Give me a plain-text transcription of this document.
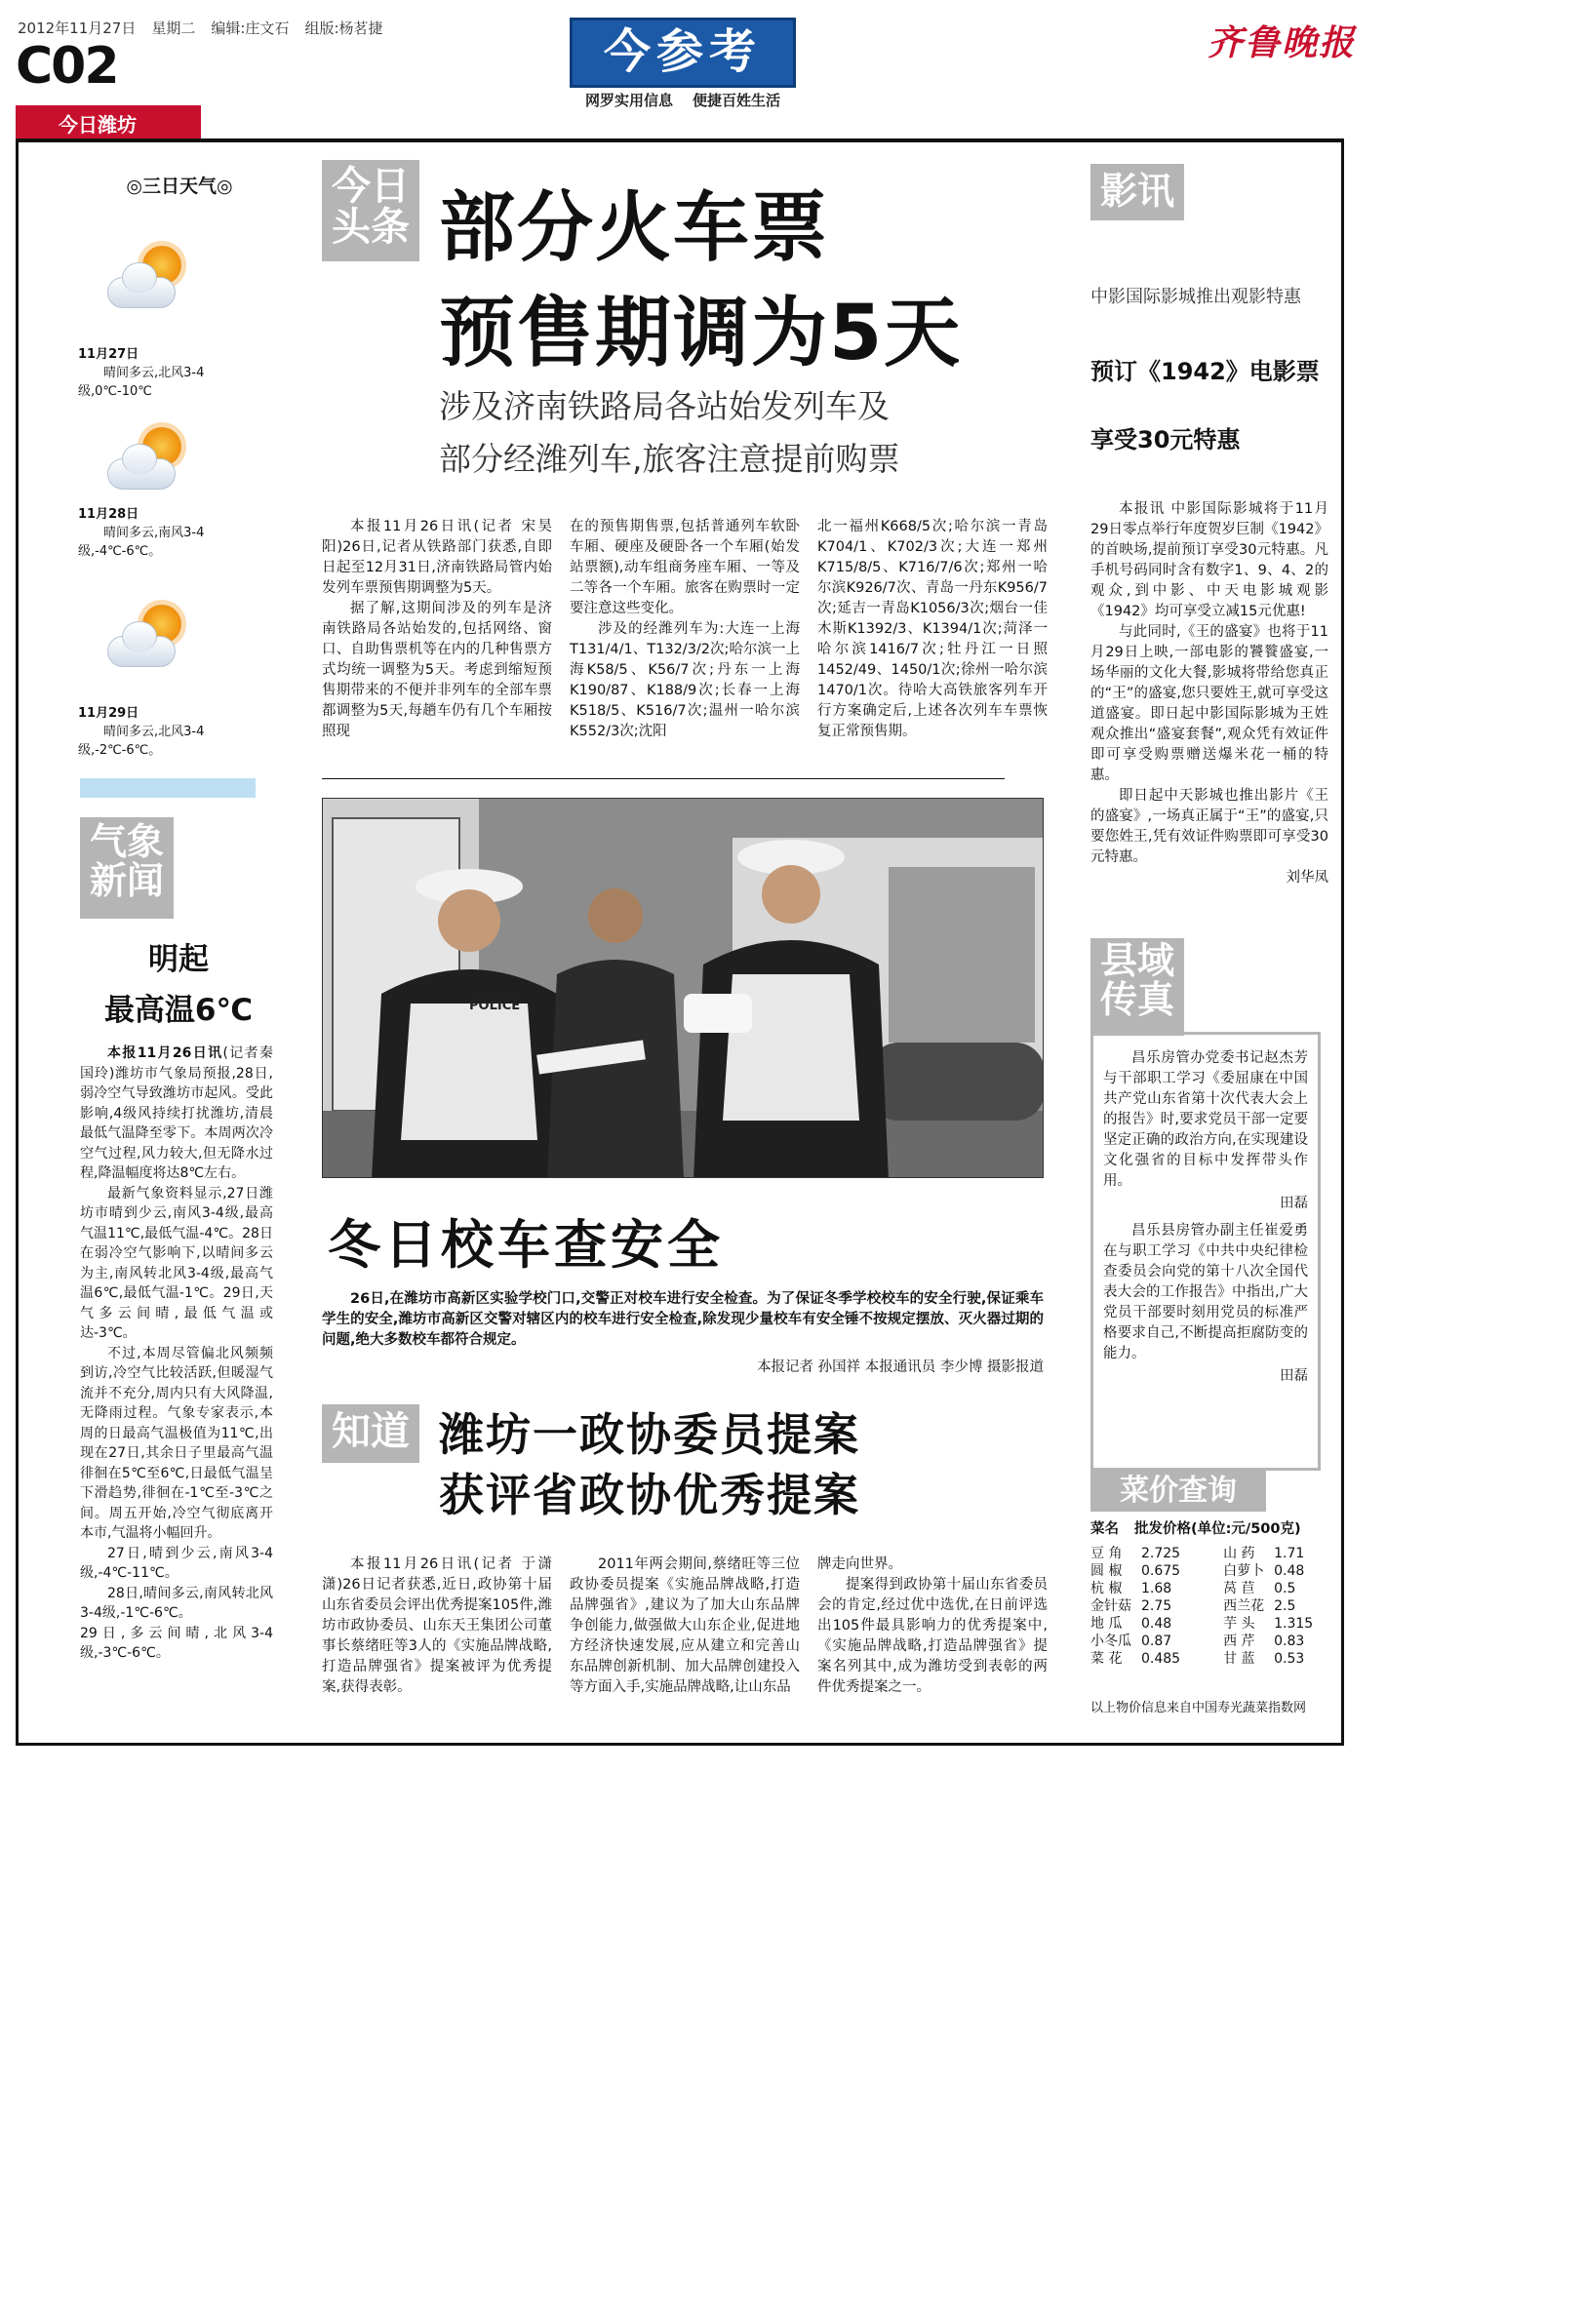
2012年11月27日 星期二 编辑:庄文石 组版:杨茗捷
C02
今日潍坊
今参考
网罗实用信息 便捷百姓生活
齐鲁晚报
◎三日天气◎
11月27日
晴间多云,北风3-4级,0℃-10℃
11月28日
晴间多云,南风3-4级,-4℃-6℃。
11月29日
晴间多云,北风3-4级,-2℃-6℃。
气象
新闻
明起
最高温6℃

本报11月26日讯(记者秦国玲)潍坊市气象局预报,28日,弱冷空气导致潍坊市起风。受此影响,4级风持续打扰潍坊,清晨最低气温降至零下。本周两次冷空气过程,风力较大,但无降水过程,降温幅度将达8℃左右。

最新气象资料显示,27日潍坊市晴到少云,南风3-4级,最高气温11℃,最低气温-4℃。28日在弱冷空气影响下,以晴间多云为主,南风转北风3-4级,最高气温6℃,最低气温-1℃。29日,天气多云间晴,最低气温或达-3℃。

不过,本周尽管偏北风频频到访,冷空气比较活跃,但暖湿气流并不充分,周内只有大风降温,无降雨过程。气象专家表示,本周的日最高气温极值为11℃,出现在27日,其余日子里最高气温徘徊在5℃至6℃,日最低气温呈下滑趋势,徘徊在-1℃至-3℃之间。周五开始,冷空气彻底离开本市,气温将小幅回升。

27日,晴到少云,南风3-4级,-4℃-11℃。

28日,晴间多云,南风转北风3-4级,-1℃-6℃。

29日,多云间晴,北风3-4级,-3℃-6℃。

今日
头条 部分火车票
预售期调为5天
涉及济南铁路局各站始发列车及
部分经潍列车,旅客注意提前购票

本报11月26日讯(记者 宋昊阳)26日,记者从铁路部门获悉,自即日起至12月31日,济南铁路局管内始发列车票预售期调整为5天。

据了解,这期间涉及的列车是济南铁路局各站始发的,包括网络、窗口、自助售票机等在内的几种售票方式均统一调整为5天。考虑到缩短预售期带来的不便并非列车的全部车票都调整为5天,每趟车仍有几个车厢按照现

在的预售期售票,包括普通列车软卧车厢、硬座及硬卧各一个车厢(始发站票额),动车组商务座车厢、一等及二等各一个车厢。旅客在购票时一定要注意这些变化。

涉及的经潍列车为:大连一上海T131/4/1、T132/3/2次;哈尔滨一上海K58/5、K56/7次;丹东一上海K190/87、K188/9次;长春一上海K518/5、K516/7次;温州一哈尔滨K552/3次;沈阳

北一福州K668/5次;哈尔滨一青岛K704/1、K702/3次;大连一郑州K715/8/5、K716/7/6次;郑州一哈尔滨K926/7次、青岛一丹东K956/7次;延吉一青岛K1056/3次;烟台一佳木斯K1392/3、K1394/1次;菏泽一哈尔滨1416/7次;牡丹江一日照1452/49、1450/1次;徐州一哈尔滨1470/1次。待哈大高铁旅客列车开行方案确定后,上述各次列车车票恢复正常预售期。

POLICE
冬日校车查安全
26日,在潍坊市高新区实验学校门口,交警正对校车进行安全检查。为了保证冬季学校校车的安全行驶,保证乘车学生的安全,潍坊市高新区交警对辖区内的校车进行安全检查,除发现少量校车有安全锤不按规定摆放、灭火器过期的问题,绝大多数校车都符合规定。
本报记者 孙国祥 本报通讯员 李少博 摄影报道
知道 潍坊一政协委员提案
获评省政协优秀提案

本报11月26日讯(记者 于潇潇)26日记者获悉,近日,政协第十届山东省委员会评出优秀提案105件,潍坊市政协委员、山东天王集团公司董事长蔡绪旺等3人的《实施品牌战略,打造品牌强省》提案被评为优秀提案,获得表彰。

2011年两会期间,蔡绪旺等三位政协委员提案《实施品牌战略,打造品牌强省》,建议为了加大山东品牌争创能力,做强做大山东企业,促进地方经济快速发展,应从建立和完善山东品牌创新机制、加大品牌创建投入等方面入手,实施品牌战略,让山东品

牌走向世界。

提案得到政协第十届山东省委员会的肯定,经过优中选优,在日前评选出105件最具影响力的优秀提案中,《实施品牌战略,打造品牌强省》提案名列其中,成为潍坊受到表彰的两件优秀提案之一。

影讯
中影国际影城推出观影特惠
预订《1942》电影票
享受30元特惠

本报讯 中影国际影城将于11月29日零点举行年度贺岁巨制《1942》的首映场,提前预订享受30元特惠。凡手机号码同时含有数字1、9、4、2的观众,到中影、中天电影城观影《1942》均可享受立减15元优惠!

与此同时,《王的盛宴》也将于11月29日上映,一部电影的饕餮盛宴,一场华丽的文化大餐,影城将带给您真正的“王”的盛宴,您只要姓王,就可享受这道盛宴。即日起中影国际影城为王姓观众推出“盛宴套餐”,观众凭有效证件即可享受购票赠送爆米花一桶的特惠。

即日起中天影城也推出影片《王的盛宴》,一场真正属于“王”的盛宴,只要您姓王,凭有效证件购票即可享受30元特惠。

刘华凤

县域
传真

昌乐房管办党委书记赵杰芳与干部职工学习《委屈康在中国共产党山东省第十次代表大会上的报告》时,要求党员干部一定要坚定正确的政治方向,在实现建设文化强省的目标中发挥带头作用。

田磊

昌乐县房管办副主任崔爱勇在与职工学习《中共中央纪律检查委员会向党的第十八次全国代表大会的工作报告》中指出,广大党员干部要时刻用党员的标准严格要求自己,不断提高拒腐防变的能力。

田磊

菜价查询
菜名 批发价格(单位:元/500克)
豆 角	2.725	山 药	1.71
圆 椒	0.675	白萝卜	0.48
杭 椒	1.68	莴 苣	0.5
金针菇	2.75	西兰花	2.5
地 瓜	0.48	芋 头	1.315
小冬瓜	0.87	西 芹	0.83
菜 花	0.485	甘 蓝	0.53
以上物价信息来自中国寿光蔬菜指数网
